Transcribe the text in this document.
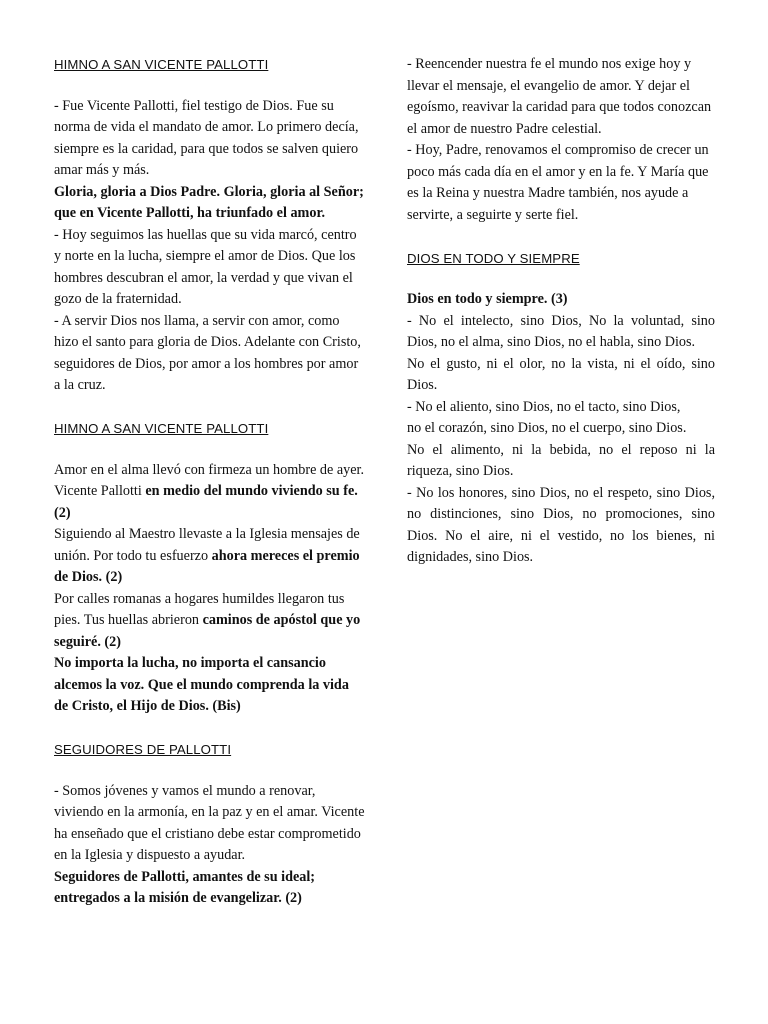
HIMNO A SAN VICENTE PALLOTTI

- Fue Vicente Pallotti, fiel testigo de Dios. Fue su norma de vida el mandato de amor. Lo primero decía, siempre es la caridad, para que todos se salven quiero amar más y más.

Gloria, gloria a Dios Padre. Gloria, gloria al Señor; que en Vicente Pallotti, ha triunfado el amor.

- Hoy seguimos las huellas que su vida marcó, centro y norte en la lucha, siempre el amor de Dios. Que los hombres descubran el amor, la verdad y que vivan el gozo de la fraternidad.

- A servir Dios nos llama, a servir con amor, como hizo el santo para gloria de Dios. Adelante con Cristo, seguidores de Dios, por amor a los hombres por amor a la cruz.

HIMNO A SAN VICENTE PALLOTTI

Amor en el alma llevó con firmeza un hombre de ayer. Vicente Pallotti en medio del mundo viviendo su fe. (2)

Siguiendo al Maestro llevaste a la Iglesia mensajes de unión. Por todo tu esfuerzo ahora mereces el premio de Dios. (2)

Por calles romanas a hogares humildes llegaron tus pies. Tus huellas abrieron caminos de apóstol que yo seguiré. (2)

No importa la lucha, no importa el cansancio alcemos la voz. Que el mundo comprenda la vida de Cristo, el Hijo de Dios. (Bis)

SEGUIDORES DE PALLOTTI

- Somos jóvenes y vamos el mundo a renovar, viviendo en la armonía, en la paz y en el amar. Vicente ha enseñado que el cristiano debe estar comprometido en la Iglesia y dispuesto a ayudar.

Seguidores de Pallotti, amantes de su ideal; entregados a la misión de evangelizar. (2)

- Reencender nuestra fe el mundo nos exige hoy y llevar el mensaje, el evangelio de amor. Y dejar el egoísmo, reavivar la caridad para que todos conozcan el amor de nuestro Padre celestial.

- Hoy, Padre, renovamos el compromiso de crecer un poco más cada día en el amor y en la fe. Y María que es la Reina y nuestra Madre también, nos ayude a servirte, a seguirte y serte fiel.

DIOS EN TODO Y SIEMPRE

Dios en todo y siempre. (3)

- No el intelecto, sino Dios, No la voluntad, sino Dios, no el alma, sino Dios, no el habla, sino Dios.

No el gusto, ni el olor, no la vista, ni el oído, sino Dios.

- No el aliento, sino Dios, no el tacto, sino Dios,

no el corazón, sino Dios, no el cuerpo, sino Dios.

No el alimento, ni la bebida, no el reposo ni la riqueza, sino Dios.

- No los honores, sino Dios, no el respeto, sino Dios, no distinciones, sino Dios, no promociones, sino Dios. No el aire, ni el vestido, no los bienes, ni dignidades, sino Dios.
